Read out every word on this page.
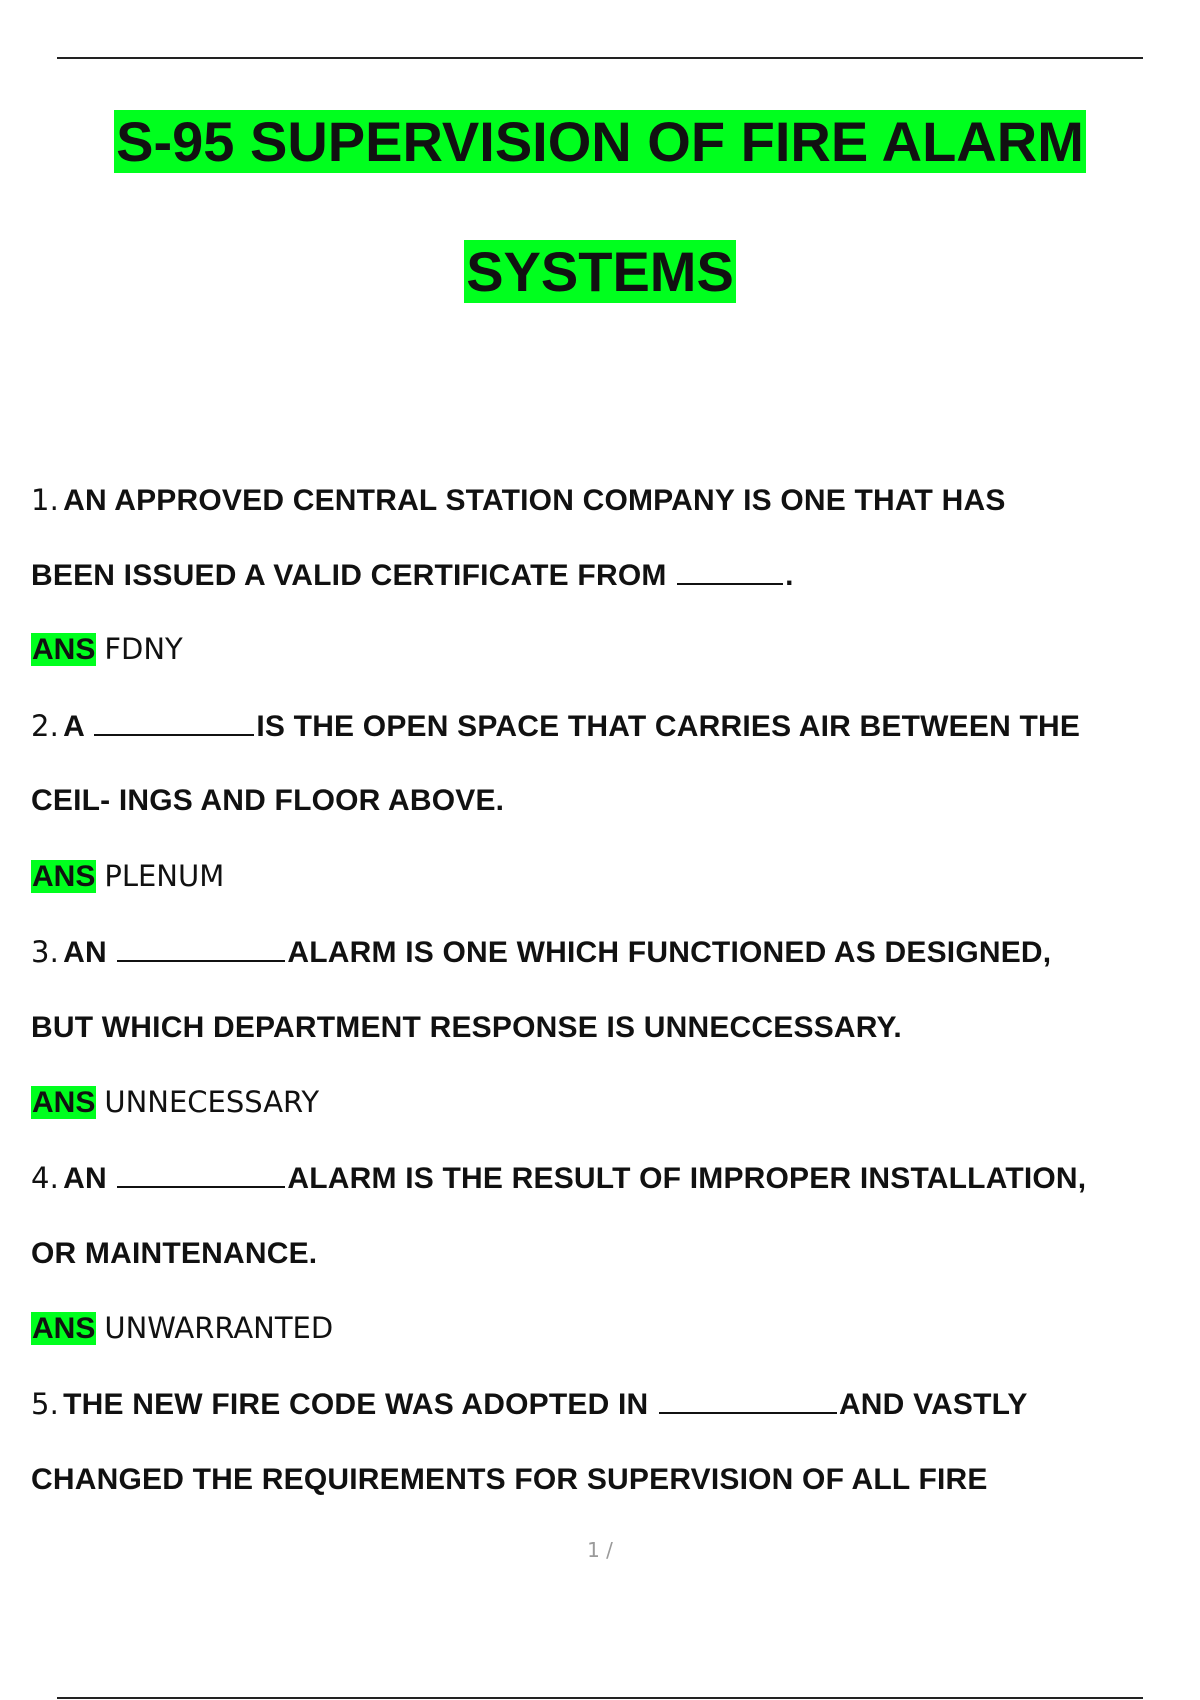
S-95 SUPERVISION OF FIRE ALARM
SYSTEMS
1. AN APPROVED CENTRAL STATION COMPANY IS ONE THAT HAS
BEEN ISSUED A VALID CERTIFICATE FROM	.
ANS FDNY
2. A	IS THE OPEN SPACE THAT CARRIES AIR BETWEEN THE
CEIL- INGS AND FLOOR ABOVE.
ANS PLENUM
3. AN	ALARM IS ONE WHICH FUNCTIONED AS DESIGNED,
BUT WHICH DEPARTMENT RESPONSE IS UNNECCESSARY.
ANS UNNECESSARY
4. AN	ALARM IS THE RESULT OF IMPROPER INSTALLATION,
OR MAINTENANCE.
ANS UNWARRANTED
5. THE NEW FIRE CODE WAS ADOPTED IN	AND VASTLY
CHANGED THE REQUIREMENTS FOR SUPERVISION OF ALL FIRE
1 /
